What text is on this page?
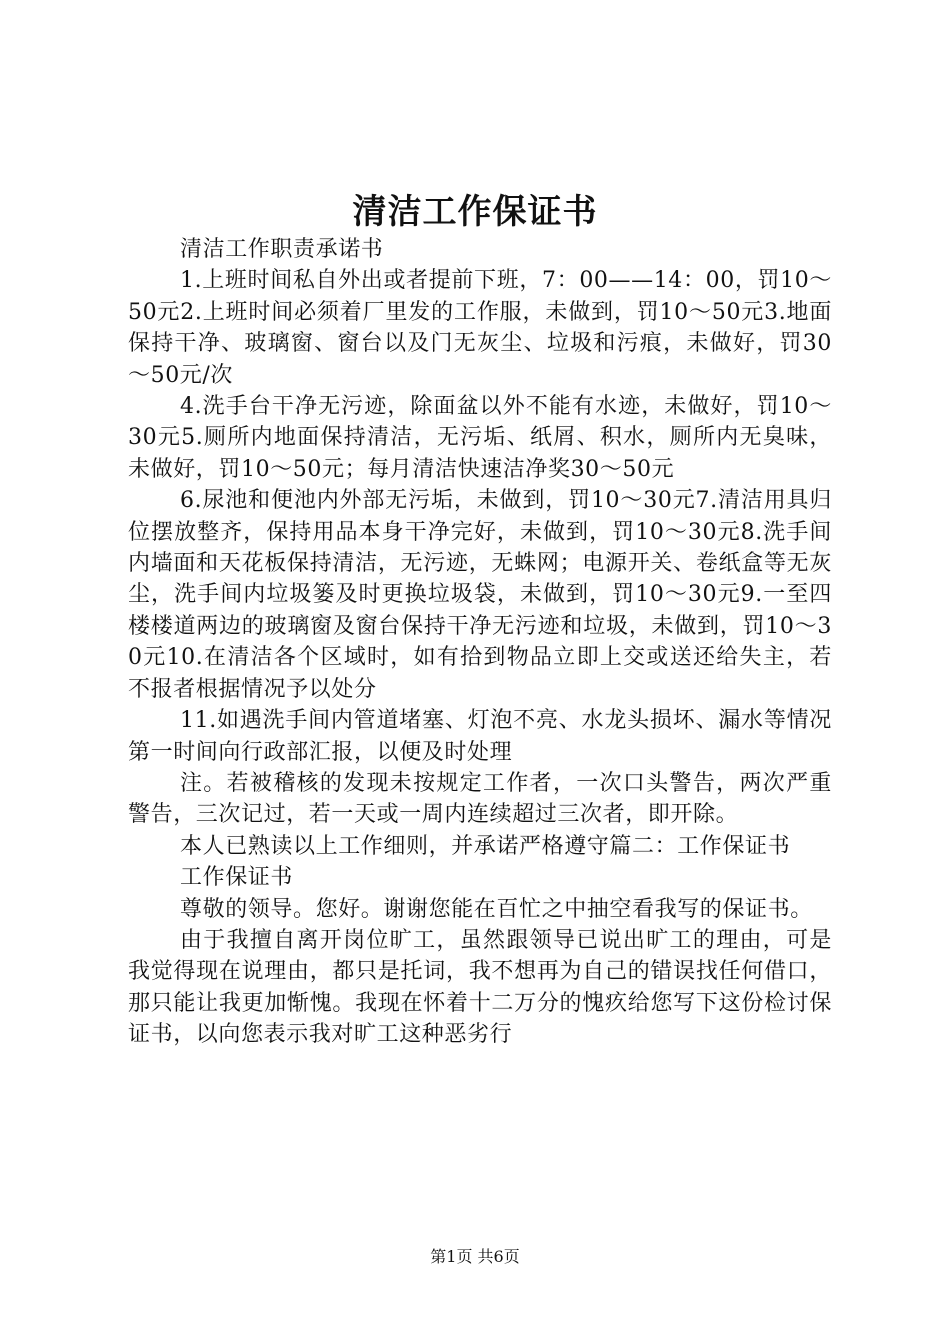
清洁工作保证书

清洁工作职责承诺书

1.上班时间私自外出或者提前下班，7：00——14：00，罚10～50元2.上班时间必须着厂里发的工作服，未做到，罚10～50元3.地面保持干净、玻璃窗、窗台以及门无灰尘、垃圾和污痕，未做好，罚30～50元/次

4.洗手台干净无污迹，除面盆以外不能有水迹，未做好，罚10～30元5.厕所内地面保持清洁，无污垢、纸屑、积水，厕所内无臭味，未做好，罚10～50元；每月清洁快速洁净奖30～50元

6.尿池和便池内外部无污垢，未做到，罚10～30元7.清洁用具归位摆放整齐，保持用品本身干净完好，未做到，罚10～30元8.洗手间内墙面和天花板保持清洁，无污迹，无蛛网；电源开关、卷纸盒等无灰尘，洗手间内垃圾篓及时更换垃圾袋，未做到，罚10～30元9.一至四楼楼道两边的玻璃窗及窗台保持干净无污迹和垃圾，未做到，罚10～30元10.在清洁各个区域时，如有拾到物品立即上交或送还给失主，若不报者根据情况予以处分

11.如遇洗手间内管道堵塞、灯泡不亮、水龙头损坏、漏水等情况第一时间向行政部汇报，以便及时处理

注。若被稽核的发现未按规定工作者，一次口头警告，两次严重警告，三次记过，若一天或一周内连续超过三次者，即开除。

本人已熟读以上工作细则，并承诺严格遵守篇二：工作保证书

工作保证书

尊敬的领导。您好。谢谢您能在百忙之中抽空看我写的保证书。

由于我擅自离开岗位旷工，虽然跟领导已说出旷工的理由，可是我觉得现在说理由，都只是托词，我不想再为自己的错误找任何借口，那只能让我更加惭愧。我现在怀着十二万分的愧疚给您写下这份检讨保证书，以向您表示我对旷工这种恶劣行

第1页 共6页
